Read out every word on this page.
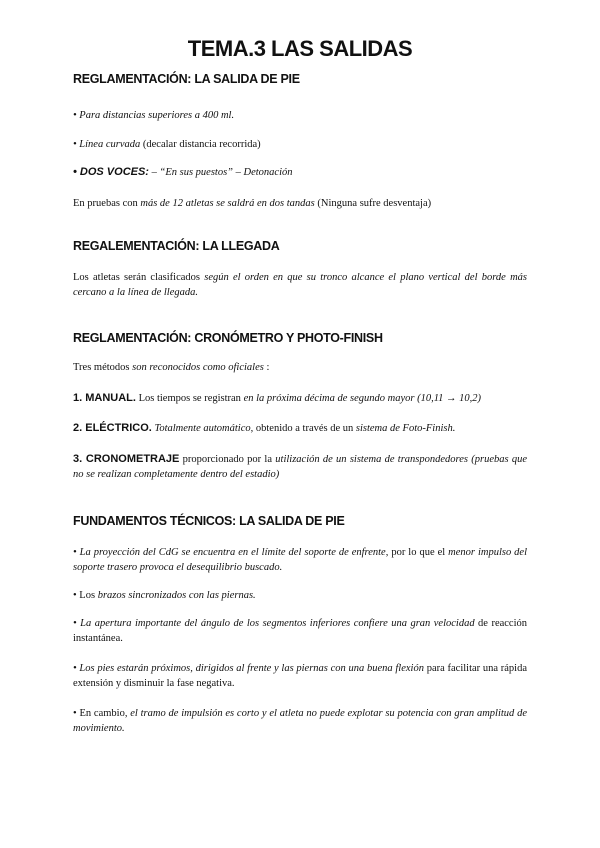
TEMA.3 LAS SALIDAS
REGLAMENTACIÓN: LA SALIDA DE PIE
• Para distancias superiores a 400 ml.
• Línea curvada (decalar distancia recorrida)
• DOS VOCES: – “En sus puestos” – Detonación
En pruebas con más de 12 atletas se saldrá en dos tandas (Ninguna sufre desventaja)
REGALEMENTACIÓN: LA LLEGADA
Los atletas serán clasificados según el orden en que su tronco alcance el plano vertical del borde más cercano a la línea de llegada.
REGLAMENTACIÓN: CRONÓMETRO Y PHOTO-FINISH
Tres métodos son reconocidos como oficiales :
1. MANUAL. Los tiempos se registran en la próxima décima de segundo mayor (10,11 → 10,2)
2. ELÉCTRICO. Totalmente automático, obtenido a través de un sistema de Foto-Finish.
3. CRONOMETRAJE proporcionado por la utilización de un sistema de transpondedores (pruebas que no se realizan completamente dentro del estadio)
FUNDAMENTOS TÉCNICOS: LA SALIDA DE PIE
• La proyección del CdG se encuentra en el límite del soporte de enfrente, por lo que el menor impulso del soporte trasero provoca el desequilibrio buscado.
• Los brazos sincronizados con las piernas.
• La apertura importante del ángulo de los segmentos inferiores confiere una gran velocidad de reacción instantánea.
• Los pies estarán próximos, dirigidos al frente y las piernas con una buena flexión para facilitar una rápida extensión y disminuir la fase negativa.
• En cambio, el tramo de impulsión es corto y el atleta no puede explotar su potencia con gran amplitud de movimiento.
